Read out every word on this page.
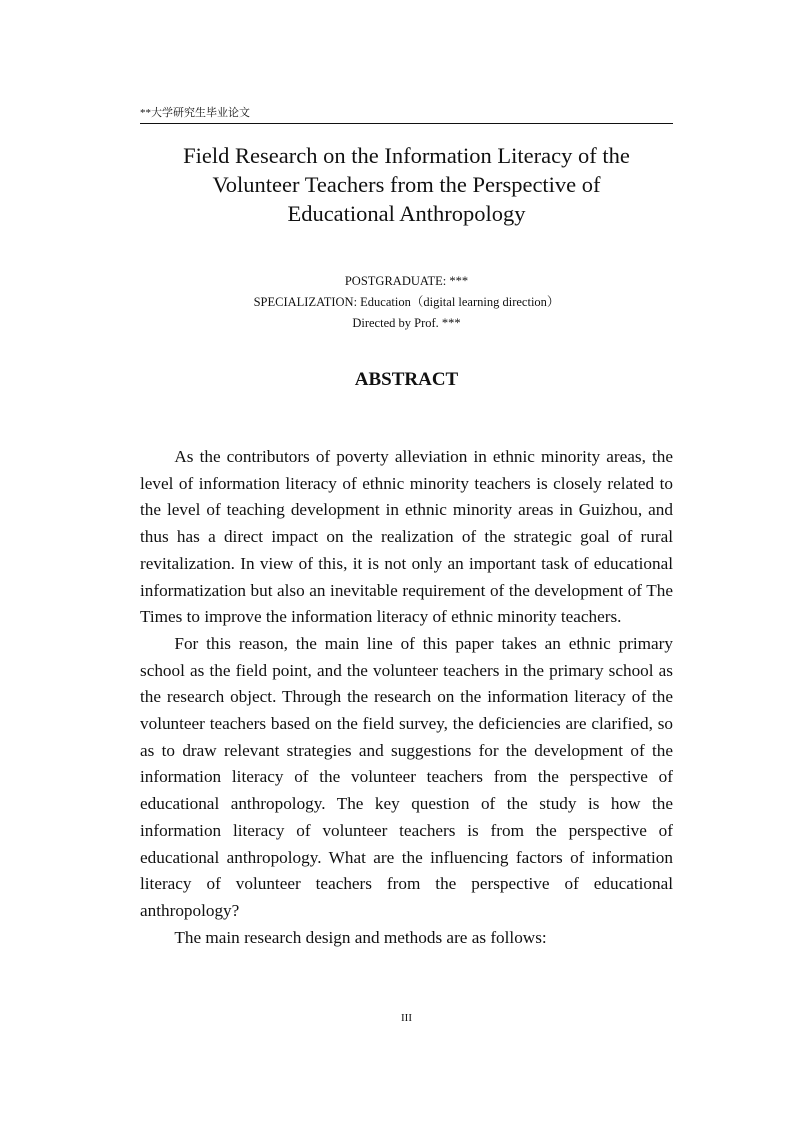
**大学研究生毕业论文
Field Research on the Information Literacy of the
Volunteer Teachers from the Perspective of
Educational Anthropology
POSTGRADUATE: ***
SPECIALIZATION: Education（digital learning direction）
Directed by Prof. ***
ABSTRACT

As the contributors of poverty alleviation in ethnic minority areas, the level of information literacy of ethnic minority teachers is closely related to the level of teaching development in ethnic minority areas in Guizhou, and thus has a direct impact on the realization of the strategic goal of rural revitalization. In view of this, it is not only an important task of educational informatization but also an inevitable requirement of the development of The Times to improve the information literacy of ethnic minority teachers.

For this reason, the main line of this paper takes an ethnic primary school as the field point, and the volunteer teachers in the primary school as the research object. Through the research on the information literacy of the volunteer teachers based on the field survey, the deficiencies are clarified, so as to draw relevant strategies and suggestions for the development of the information literacy of the volunteer teachers from the perspective of educational anthropology. The key question of the study is how the information literacy of volunteer teachers is from the perspective of educational anthropology. What are the influencing factors of information literacy of volunteer teachers from the perspective of educational anthropology?

The main research design and methods are as follows:

III
